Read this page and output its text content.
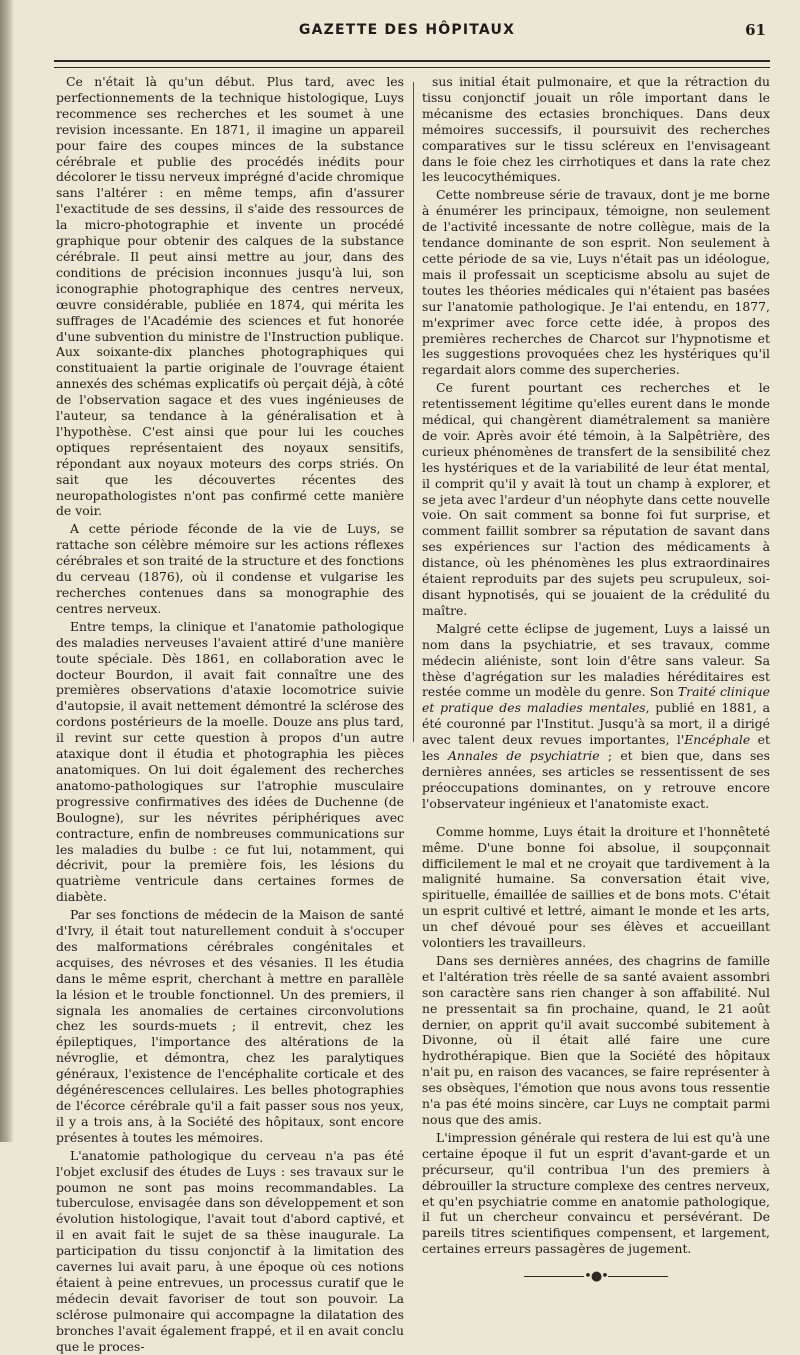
GAZETTE DES HÔPITAUX	61

Ce n'était là qu'un début. Plus tard, avec les perfectionnements de la technique histologique, Luys recommence ses recherches et les soumet à une revision incessante. En 1871, il imagine un appareil pour faire des coupes minces de la substance cérébrale et publie des procédés inédits pour décolorer le tissu nerveux imprégné d'acide chromique sans l'altérer : en même temps, afin d'assurer l'exactitude de ses dessins, il s'aide des ressources de la micro-photographie et invente un procédé graphique pour obtenir des calques de la substance cérébrale. Il peut ainsi mettre au jour, dans des conditions de précision inconnues jusqu'à lui, son iconographie photographique des centres nerveux, œuvre considérable, publiée en 1874, qui mérita les suffrages de l'Académie des sciences et fut honorée d'une subvention du ministre de l'Instruction publique. Aux soixante-dix planches photographiques qui constituaient la partie originale de l'ouvrage étaient annexés des schémas explicatifs où perçait déjà, à côté de l'observation sagace et des vues ingénieuses de l'auteur, sa tendance à la généralisation et à l'hypothèse. C'est ainsi que pour lui les couches optiques représentaient des noyaux sensitifs, répondant aux noyaux moteurs des corps striés. On sait que les découvertes récentes des neuropathologistes n'ont pas confirmé cette manière de voir.

A cette période féconde de la vie de Luys, se rattache son célèbre mémoire sur les actions réflexes cérébrales et son traité de la structure et des fonctions du cerveau (1876), où il condense et vulgarise les recherches contenues dans sa monographie des centres nerveux.

Entre temps, la clinique et l'anatomie pathologique des maladies nerveuses l'avaient attiré d'une manière toute spéciale. Dès 1861, en collaboration avec le docteur Bourdon, il avait fait connaître une des premières observations d'ataxie locomotrice suivie d'autopsie, il avait nettement démontré la sclérose des cordons postérieurs de la moelle. Douze ans plus tard, il revint sur cette question à propos d'un autre ataxique dont il étudia et photographia les pièces anatomiques. On lui doit également des recherches anatomo-pathologiques sur l'atrophie musculaire progressive confirmatives des idées de Duchenne (de Boulogne), sur les névrites périphériques avec contracture, enfin de nombreuses communications sur les maladies du bulbe : ce fut lui, notamment, qui décrivit, pour la première fois, les lésions du quatrième ventricule dans certaines formes de diabète.

Par ses fonctions de médecin de la Maison de santé d'Ivry, il était tout naturellement conduit à s'occuper des malformations cérébrales congénitales et acquises, des névroses et des vésanies. Il les étudia dans le même esprit, cherchant à mettre en parallèle la lésion et le trouble fonctionnel. Un des premiers, il signala les anomalies de certaines circonvolutions chez les sourds-muets ; il entrevit, chez les épileptiques, l'importance des altérations de la névroglie, et démontra, chez les paralytiques généraux, l'existence de l'encéphalite corticale et des dégénérescences cellulaires. Les belles photographies de l'écorce cérébrale qu'il a fait passer sous nos yeux, il y a trois ans, à la Société des hôpitaux, sont encore présentes à toutes les mémoires.

L'anatomie pathologique du cerveau n'a pas été l'objet exclusif des études de Luys : ses travaux sur le poumon ne sont pas moins recommandables. La tuberculose, envisagée dans son développement et son évolution histologique, l'avait tout d'abord captivé, et il en avait fait le sujet de sa thèse inaugurale. La participation du tissu conjonctif à la limitation des cavernes lui avait paru, à une époque où ces notions étaient à peine entrevues, un processus curatif que le médecin devait favoriser de tout son pouvoir. La sclérose pulmonaire qui accompagne la dilatation des bronches l'avait également frappé, et il en avait conclu que le proces-

sus initial était pulmonaire, et que la rétraction du tissu conjonctif jouait un rôle important dans le mécanisme des ectasies bronchiques. Dans deux mémoires successifs, il poursuivit des recherches comparatives sur le tissu scléreux en l'envisageant dans le foie chez les cirrhotiques et dans la rate chez les leucocythémiques.

Cette nombreuse série de travaux, dont je me borne à énumérer les principaux, témoigne, non seulement de l'activité incessante de notre collègue, mais de la tendance dominante de son esprit. Non seulement à cette période de sa vie, Luys n'était pas un idéologue, mais il professait un scepticisme absolu au sujet de toutes les théories médicales qui n'étaient pas basées sur l'anatomie pathologique. Je l'ai entendu, en 1877, m'exprimer avec force cette idée, à propos des premières recherches de Charcot sur l'hypnotisme et les suggestions provoquées chez les hystériques qu'il regardait alors comme des supercheries.

Ce furent pourtant ces recherches et le retentissement légitime qu'elles eurent dans le monde médical, qui changèrent diamétralement sa manière de voir. Après avoir été témoin, à la Salpêtrière, des curieux phénomènes de transfert de la sensibilité chez les hystériques et de la variabilité de leur état mental, il comprit qu'il y avait là tout un champ à explorer, et se jeta avec l'ardeur d'un néophyte dans cette nouvelle voie. On sait comment sa bonne foi fut surprise, et comment faillit sombrer sa réputation de savant dans ses expériences sur l'action des médicaments à distance, où les phénomènes les plus extraordinaires étaient reproduits par des sujets peu scrupuleux, soi-disant hypnotisés, qui se jouaient de la crédulité du maître.

Malgré cette éclipse de jugement, Luys a laissé un nom dans la psychiatrie, et ses travaux, comme médecin aliéniste, sont loin d'être sans valeur. Sa thèse d'agrégation sur les maladies héréditaires est restée comme un modèle du genre. Son Traité clinique et pratique des maladies mentales, publié en 1881, a été couronné par l'Institut. Jusqu'à sa mort, il a dirigé avec talent deux revues importantes, l'Encéphale et les Annales de psychiatrie ; et bien que, dans ses dernières années, ses articles se ressentissent de ses préoccupations dominantes, on y retrouve encore l'observateur ingénieux et l'anatomiste exact.

Comme homme, Luys était la droiture et l'honnêteté même. D'une bonne foi absolue, il soupçonnait difficilement le mal et ne croyait que tardivement à la malignité humaine. Sa conversation était vive, spirituelle, émaillée de saillies et de bons mots. C'était un esprit cultivé et lettré, aimant le monde et les arts, un chef dévoué pour ses élèves et accueillant volontiers les travailleurs.

Dans ses dernières années, des chagrins de famille et l'altération très réelle de sa santé avaient assombri son caractère sans rien changer à son affabilité. Nul ne pressentait sa fin prochaine, quand, le 21 août dernier, on apprit qu'il avait succombé subitement à Divonne, où il était allé faire une cure hydrothérapique. Bien que la Société des hôpitaux n'ait pu, en raison des vacances, se faire représenter à ses obsèques, l'émotion que nous avons tous ressentie n'a pas été moins sincère, car Luys ne comptait parmi nous que des amis.

L'impression générale qui restera de lui est qu'à une certaine époque il fut un esprit d'avant-garde et un précurseur, qu'il contribua l'un des premiers à débrouiller la structure complexe des centres nerveux, et qu'en psychiatrie comme en anatomie pathologique, il fut un chercheur convaincu et persévérant. De pareils titres scientifiques compensent, et largement, certaines erreurs passagères de jugement.

•●•
